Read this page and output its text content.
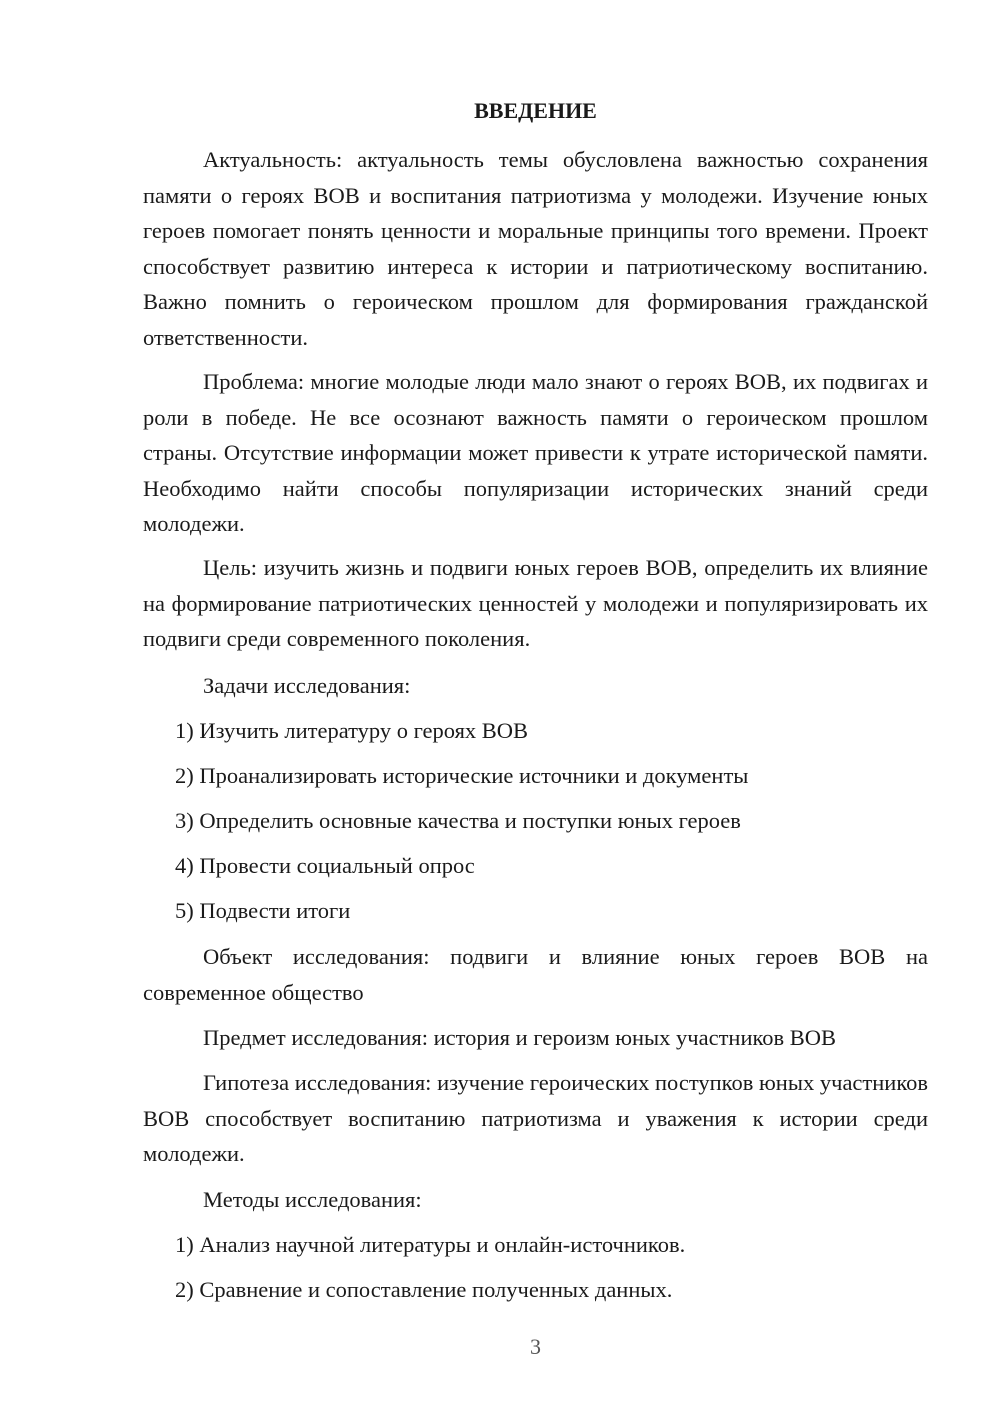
ВВЕДЕНИЕ

Актуальность: актуальность темы обусловлена важностью сохранения памяти о героях ВОВ и воспитания патриотизма у молодежи. Изучение юных героев помогает понять ценности и моральные принципы того времени. Проект способствует развитию интереса к истории и патриотическому воспитанию. Важно помнить о героическом прошлом для формирования гражданской ответственности.

Проблема: многие молодые люди мало знают о героях ВОВ, их подвигах и роли в победе. Не все осознают важность памяти о героическом прошлом страны. Отсутствие информации может привести к утрате исторической памяти. Необходимо найти способы популяризации исторических знаний среди молодежи.

Цель: изучить жизнь и подвиги юных героев ВОВ, определить их влияние на формирование патриотических ценностей у молодежи и популяризировать их подвиги среди современного поколения.

Задачи исследования:

1) Изучить литературу о героях ВОВ

2) Проанализировать исторические источники и документы

3) Определить основные качества и поступки юных героев

4) Провести социальный опрос

5) Подвести итоги

Объект исследования: подвиги и влияние юных героев ВОВ на современное общество

Предмет исследования: история и героизм юных участников ВОВ

Гипотеза исследования: изучение героических поступков юных участников ВОВ способствует воспитанию патриотизма и уважения к истории среди молодежи.

Методы исследования:

1) Анализ научной литературы и онлайн-источников.

2) Сравнение и сопоставление полученных данных.

3
